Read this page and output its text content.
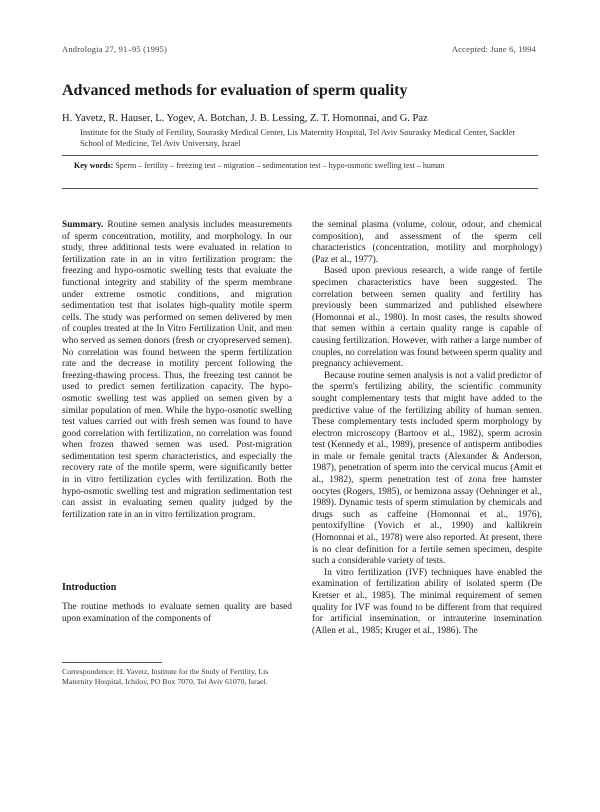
Andrologia 27, 91–95 (1995)	Accepted: June 6, 1994
Advanced methods for evaluation of sperm quality
H. Yavetz, R. Hauser, L. Yogev, A. Botchan, J. B. Lessing, Z. T. Homonnai, and G. Paz
Institute for the Study of Fertility, Sourasky Medical Center, Lis Maternity Hospital, Tel Aviv Sourasky Medical Center, Sackler School of Medicine, Tel Aviv University, Israel
Key words: Sperm – fertility – freezing test – migration – sedimentation test – hypo-osmotic swelling test – human

Summary. Routine semen analysis includes measurements of sperm concentration, motility, and morphology. In our study, three additional tests were evaluated in relation to fertilization rate in an in vitro fertilization program: the freezing and hypo-osmotic swelling tests that evaluate the functional integrity and stability of the sperm membrane under extreme osmotic conditions, and migration sedimentation test that isolates high-quality motile sperm cells. The study was performed on semen delivered by men of couples treated at the In Vitro Fertilization Unit, and men who served as semen donors (fresh or cryopreserved semen). No correlation was found between the sperm fertilization rate and the decrease in motility percent following the freezing-thawing process. Thus, the freezing test cannot be used to predict semen fertilization capacity. The hypo-osmotic swelling test was applied on semen given by a similar population of men. While the hypo-osmotic swelling test values carried out with fresh semen was found to have good correlation with fertilization, no correlation was found when frozen thawed semen was used. Post-migration sedimentation test sperm characteristics, and especially the recovery rate of the motile sperm, were significantly better in in vitro fertilization cycles with fertilization. Both the hypo-osmotic swelling test and migration sedimentation test can assist in evaluating semen quality judged by the fertilization rate in an in vitro fertilization program.

Introduction

The routine methods to evaluate semen quality are based upon examination of the components of

Correspondence: H. Yavetz, Institute for the Study of Fertility, Lis Maternity Hospital, Ichilov, PO Box 7070, Tel Aviv 61070, Israel.

the seminal plasma (volume, colour, odour, and chemical composition), and assessment of the sperm cell characteristics (concentration, motility and morphology) (Paz et al., 1977).

Based upon previous research, a wide range of fertile specimen characteristics have been suggested. The correlation between semen quality and fertility has previously been summarized and published elsewhere (Homonnai et al., 1980). In most cases, the results showed that semen within a certain quality range is capable of causing fertilization. However, with rather a large number of couples, no correlation was found between sperm quality and pregnancy achievement.

Because routine semen analysis is not a valid predictor of the sperm's fertilizing ability, the scientific community sought complementary tests that might have added to the predictive value of the fertilizing ability of human semen. These complementary tests included sperm morphology by electron microscopy (Bartoov et al., 1982), sperm acrosin test (Kennedy et al., 1989), presence of antisperm antibodies in male or female genital tracts (Alexander & Anderson, 1987), penetration of sperm into the cervical mucus (Amit et al., 1982), sperm penetration test of zona free hamster oocytes (Rogers, 1985), or hemizona assay (Oehninger et al., 1989). Dynamic tests of sperm stimulation by chemicals and drugs such as caffeine (Homonnai et al., 1976), pentoxifylline (Yovich et al., 1990) and kallikrein (Homonnai et al., 1978) were also reported. At present, there is no clear definition for a fertile semen specimen, despite such a considerable variety of tests.

In vitro fertilization (IVF) techniques have enabled the examination of fertilization ability of isolated sperm (De Kretser et al., 1985). The minimal requirement of semen quality for IVF was found to be different from that required for artificial insemination, or intrauterine insemination (Allen et al., 1985; Kruger et al., 1986). The
